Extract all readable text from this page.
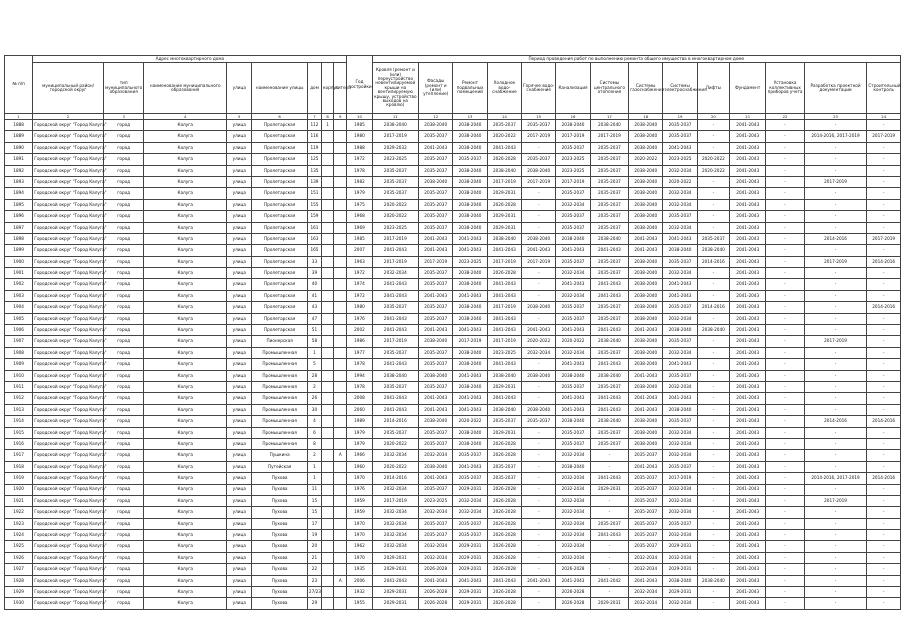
№ п/п	Адрес многоквартирного дома								Год постройки	Период проведения работ по выполнению ремонта общего имущества в многоквартирном доме													
	муниципальный район/городской округ	тип муниципального образования	наименование муниципального образования	улица	наименование улицы	дом	корпус	литера		Кровля (ремонт и (или) переустройство невентилируемой крыши на вентилируемую крышу, устройство выходов на кровлю)	Фасады (ремонт и (или) утепление)	Ремонт подвальных помещений	Холодное водо-снабжение	Горячее водо-снабжение	Канализация	Системы центрального отопления	Системы газоснабжения	Системы электроснабжения	Лифты	Фундамент	Установка коллективных приборов учета	Разработка проектной документации	Строительный контроль
1	2	3	4	5	6	7	8	9	10	11	12	13	14	15	16	17	18	19	20	21	22	23	24
1888	Городской округ "Город Калуга"	город	Калуга	улица	Пролетарская	112	1		1985	2038-2040	2038-2040	2038-2040	2035-2037	2035-2037	2038-2040	2038-2040	2038-2040	2035-2037	-	2041-2043	-	-	-
1889	Городской округ "Город Калуга"	город	Калуга	улица	Пролетарская	116			1980	2017-2019	2035-2037	2038-2040	2020-2022	2017-2019	2017-2019	2017-2019	2038-2040	2035-2037	-	2041-2043	-	2014-2016, 2017-2019	2017-2019
1890	Городской округ "Город Калуга"	город	Калуга	улица	Пролетарская	119			1988	2029-2032	2041-2043	2038-2040	2041-2043	-	2035-2037	2035-2037	2038-2040	2041-2043	-	2041-2043	-	-	-
1891	Городской округ "Город Калуга"	город	Калуга	улица	Пролетарская	125			1972	2023-2025	2035-2037	2035-2037	2026-2028	2035-2037	2023-2025	2035-2037	2020-2022	2023-2025	2020-2022	2041-2043	-	-	-
1892	Городской округ "Город Калуга"	город	Калуга	улица	Пролетарская	135			1978	2035-2037	2035-2037	2038-2040	2038-2040	2038-2040	2023-2025	2035-2037	2038-2040	2032-2034	2020-2022	2041-2043	-	-	-
1893	Городской округ "Город Калуга"	город	Калуга	улица	Пролетарская	139			1982	2035-2037	2038-2040	2038-2040	2017-2019	2017-2019	2017-2019	2035-2037	2038-2040	2020-2022	-	2041-2043	-	2017-2019	-
1894	Городской округ "Город Калуга"	город	Калуга	улица	Пролетарская	151			1979	2035-2037	2035-2037	2038-2040	2029-2031	-	2035-2037	2035-2037	2038-2040	2032-2034	-	2041-2043	-	-	-
1895	Городской округ "Город Калуга"	город	Калуга	улица	Пролетарская	155			1975	2020-2022	2035-2037	2038-2040	2026-2028	-	2032-2034	2035-2037	2038-2040	2032-2034	-	2041-2043	-	-	-
1896	Городской округ "Город Калуга"	город	Калуга	улица	Пролетарская	159			1968	2020-2022	2035-2037	2038-2040	2029-2031	-	2035-2037	2035-2037	2038-2040	2035-2037	-	2041-2043	-	-	-
1897	Городской округ "Город Калуга"	город	Калуга	улица	Пролетарская	161			1969	2023-2025	2035-2037	2038-2040	2029-2031	-	2035-2037	2035-2037	2038-2040	2032-2034	-	2041-2043	-	-	-
1898	Городской округ "Город Калуга"	город	Калуга	улица	Пролетарская	163			1985	2017-2019	2041-2043	2041-2043	2038-2040	2038-2040	2038-2040	2038-2040	2041-2043	2041-2043	2035-2037	2041-2043	-	2014-2016	2017-2019
1899	Городской округ "Город Калуга"	город	Калуга	улица	Пролетарская	165			2007	2041-2043	2041-2043	2041-2043	2041-2043	2041-2043	2041-2043	2041-2043	2041-2043	2038-2040	2038-2040	2041-2043	-	-	-
1900	Городской округ "Город Калуга"	город	Калуга	улица	Пролетарская	33			1963	2017-2019	2017-2019	2023-2025	2017-2019	2017-2019	2035-2037	2035-2037	2038-2040	2035-2037	2014-2016	2041-2043	-	2017-2019	2014-2016
1901	Городской округ "Город Калуга"	город	Калуга	улица	Пролетарская	39			1972	2032-2034	2035-2037	2038-2040	2026-2028	-	2032-2034	2035-2037	2038-2040	2032-2034	-	2041-2043	-	-	-
1902	Городской округ "Город Калуга"	город	Калуга	улица	Пролетарская	40			1974	2041-2043	2035-2037	2038-2040	2041-2043	-	2041-2043	2041-2043	2038-2040	2041-2043	-	2041-2043	-	-	-
1903	Городской округ "Город Калуга"	город	Калуга	улица	Пролетарская	41			1972	2041-2043	2041-2043	2041-2043	2041-2043	-	2032-2034	2041-2043	2038-2040	2041-2043	-	2041-2043	-	-	-
1904	Городской округ "Город Калуга"	город	Калуга	улица	Пролетарская	43			1980	2035-2037	2035-2037	2038-2040	2017-2019	2038-2040	2035-2037	2035-2037	2038-2040	2035-2037	2014-2016	2041-2043	-	-	2014-2016
1905	Городской округ "Город Калуга"	город	Калуга	улица	Пролетарская	47			1976	2041-2043	2035-2037	2038-2040	2041-2043	-	2035-2037	2035-2037	2038-2040	2032-2034	-	2041-2043	-	-	-
1906	Городской округ "Город Калуга"	город	Калуга	улица	Пролетарская	51			2002	2041-2043	2041-2043	2041-2043	2041-2043	2041-2043	2041-2043	2041-2043	2041-2043	2038-2040	2038-2040	2041-2043	-	-	-
1907	Городской округ "Город Калуга"	город	Калуга	улица	Пионерская	58			1986	2017-2019	2038-2040	2017-2019	2017-2019	2020-2022	2020-2022	2038-2040	2038-2040	2035-2037	-	2041-2043	-	2017-2019	-
1908	Городской округ "Город Калуга"	город	Калуга	улица	Промышленная	1			1977	2035-2037	2035-2037	2038-2040	2023-2025	2032-2034	2032-2034	2035-2037	2038-2040	2032-2034	-	2041-2043	-	-	-
1909	Городской округ "Город Калуга"	город	Калуга	улица	Промышленная	5			1978	2041-2043	2035-2037	2038-2040	2041-2043	-	2041-2043	2041-2043	2038-2040	2041-2043	-	2041-2043	-	-	-
1910	Городской округ "Город Калуга"	город	Калуга	улица	Промышленная	28			1994	2038-2040	2038-2040	2041-2043	2038-2040	2038-2040	2038-2040	2038-2040	2041-2043	2035-2037	-	2041-2043	-	-	-
1911	Городской округ "Город Калуга"	город	Калуга	улица	Промышленная	2			1978	2035-2037	2035-2037	2038-2040	2029-2031	-	2035-2037	2035-2037	2038-2040	2032-2034	-	2041-2043	-	-	-
1912	Городской округ "Город Калуга"	город	Калуга	улица	Промышленная	26			2008	2041-2043	2041-2043	2041-2043	2041-2043	-	2041-2043	2041-2043	2041-2043	2041-2043	-	2041-2043	-	-	-
1913	Городской округ "Город Калуга"	город	Калуга	улица	Промышленная	30			2060	2041-2043	2041-2043	2041-2043	2038-2040	2038-2040	2041-2043	2041-2043	2041-2043	2038-2040	-	2041-2043	-	-	-
1914	Городской округ "Город Калуга"	город	Калуга	улица	Промышленная	4			1989	2014-2016	2038-2040	2020-2022	2035-2037	2035-2037	2038-2040	2038-2040	2038-2040	2035-2037	-	2041-2043	-	2014-2016	2014-2016
1915	Городской округ "Город Калуга"	город	Калуга	улица	Промышленная	6			1979	2035-2037	2035-2037	2038-2040	2029-2031	-	2035-2037	2035-2037	2038-2040	2032-2034	-	2041-2043	-	-	-
1916	Городской округ "Город Калуга"	город	Калуга	улица	Промышленная	8			1979	2020-2022	2035-2037	2038-2040	2026-2028	-	2035-2037	2035-2037	2038-2040	2032-2034	-	2041-2043	-	-	-
1917	Городской округ "Город Калуга"	город	Калуга	улица	Пушкина	2		А	1966	2032-2034	2032-2034	2035-2037	2026-2028	-	2032-2034	-	2035-2037	2032-2034	-	2041-2043	-	-	-
1918	Городской округ "Город Калуга"	город	Калуга	улица	Путейская	1			1960	2020-2022	2038-2040	2041-2043	2035-2037	-	2038-2040	-	2041-2043	2035-2037	-	2041-2043	-	-	-
1919	Городской округ "Город Калуга"	город	Калуга	улица	Пухова	1			1970	2014-2016	2041-2043	2035-2037	2035-2037	-	2032-2034	2041-2043	2035-2037	2017-2019	-	2041-2043	-	2014-2016, 2017-2019	2014-2016
1920	Городской округ "Город Калуга"	город	Калуга	улица	Пухова	11			1976	2032-2034	2035-2037	2029-2031	2026-2028	-	2032-2034	2029-2031	2035-2037	2032-2034	-	2041-2043	-	-	-
1921	Городской округ "Город Калуга"	город	Калуга	улица	Пухова	15			1959	2017-2019	2023-2025	2032-2034	2026-2028	-	2032-2034	-	2035-2037	2032-2034	-	2041-2043	-	2017-2019	-
1922	Городской округ "Город Калуга"	город	Калуга	улица	Пухова	15			1959	2032-2034	2032-2034	2032-2034	2026-2028	-	2032-2034	-	2035-2037	2032-2034	-	2041-2043	-	-	-
1923	Городской округ "Город Калуга"	город	Калуга	улица	Пухова	17			1970	2032-2034	2035-2037	2035-2037	2026-2028	-	2032-2034	2035-2037	2035-2037	2035-2037	-	2041-2043	-	-	-
1924	Городской округ "Город Калуга"	город	Калуга	улица	Пухова	19			1970	2032-2034	2035-2037	2035-2037	2026-2028	-	2032-2034	2041-2043	2035-2037	2032-2034	-	2041-2043	-	-	-
1925	Городской округ "Город Калуга"	город	Калуга	улица	Пухова	20			1962	2032-2034	2032-2034	2029-2031	2026-2028	-	2032-2034	-	2035-2037	2029-2031	-	2041-2043	-	-	-
1926	Городской округ "Город Калуга"	город	Калуга	улица	Пухова	21			1970	2029-2031	2032-2034	2029-2031	2026-2028	-	2032-2034	-	2032-2034	2032-2034	-	2041-2043	-	-	-
1927	Городской округ "Город Калуга"	город	Калуга	улица	Пухова	22			1935	2029-2031	2026-2028	2029-2031	2026-2028	-	2026-2028	-	2032-2034	2029-2031	-	2041-2043	-	-	-
1928	Городской округ "Город Калуга"	город	Калуга	улица	Пухова	23		А	2006	2041-2043	2041-2043	2041-2043	2041-2043	2041-2043	2041-2043	2041-2042	2041-2043	2038-2040	2038-2040	2041-2043	-	-	-
1929	Городской округ "Город Калуга"	город	Калуга	улица	Пухова	27/23			1932	2029-2031	2026-2028	2029-2031	2026-2028	-	2026-2028	-	2032-2034	2029-2031	-	2041-2043	-	-	-
1930	Городской округ "Город Калуга"	город	Калуга	улица	Пухова	29			1955	2029-2031	2026-2028	2029-2031	2026-2028	-	2026-2028	2029-2031	2032-2034	2032-2034	-	2041-2043	-	-	-
